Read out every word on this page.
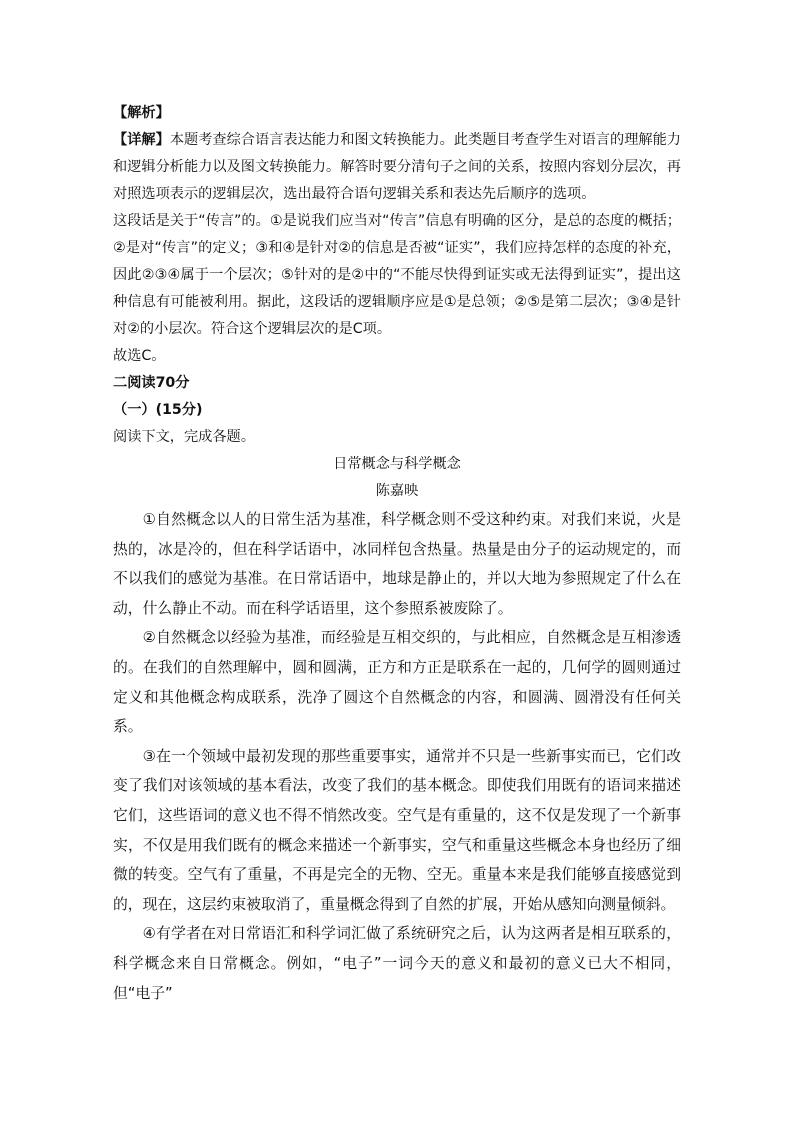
【解析】

【详解】本题考查综合语言表达能力和图文转换能力。此类题目考查学生对语言的理解能力和逻辑分析能力以及图文转换能力。解答时要分清句子之间的关系，按照内容划分层次，再对照选项表示的逻辑层次，选出最符合语句逻辑关系和表达先后顺序的选项。

这段话是关于“传言”的。①是说我们应当对“传言”信息有明确的区分，是总的态度的概括；②是对“传言”的定义；③和④是针对②的信息是否被“证实”，我们应持怎样的态度的补充，因此②③④属于一个层次；⑤针对的是②中的“不能尽快得到证实或无法得到证实”，提出这种信息有可能被利用。据此，这段话的逻辑顺序应是①是总领；②⑤是第二层次；③④是针对②的小层次。符合这个逻辑层次的是C项。

故选C。

二阅读70分

（一）(15分)

阅读下文，完成各题。

日常概念与科学概念

陈嘉映

①自然概念以人的日常生活为基准，科学概念则不受这种约束。对我们来说，火是热的，冰是冷的，但在科学话语中，冰同样包含热量。热量是由分子的运动规定的，而不以我们的感觉为基准。在日常话语中，地球是静止的，并以大地为参照规定了什么在动，什么静止不动。而在科学话语里，这个参照系被废除了。

②自然概念以经验为基准，而经验是互相交织的，与此相应，自然概念是互相渗透的。在我们的自然理解中，圆和圆满，正方和方正是联系在一起的，几何学的圆则通过定义和其他概念构成联系，洗净了圆这个自然概念的内容，和圆满、圆滑没有任何关系。

③在一个领域中最初发现的那些重要事实，通常并不只是一些新事实而已，它们改变了我们对该领域的基本看法，改变了我们的基本概念。即使我们用既有的语词来描述它们，这些语词的意义也不得不悄然改变。空气是有重量的，这不仅是发现了一个新事实，不仅是用我们既有的概念来描述一个新事实，空气和重量这些概念本身也经历了细微的转变。空气有了重量，不再是完全的无物、空无。重量本来是我们能够直接感觉到的，现在，这层约束被取消了，重量概念得到了自然的扩展，开始从感知向测量倾斜。

④有学者在对日常语汇和科学词汇做了系统研究之后，认为这两者是相互联系的，科学概念来自日常概念。例如，“电子”一词今天的意义和最初的意义已大不相同，但“电子”
